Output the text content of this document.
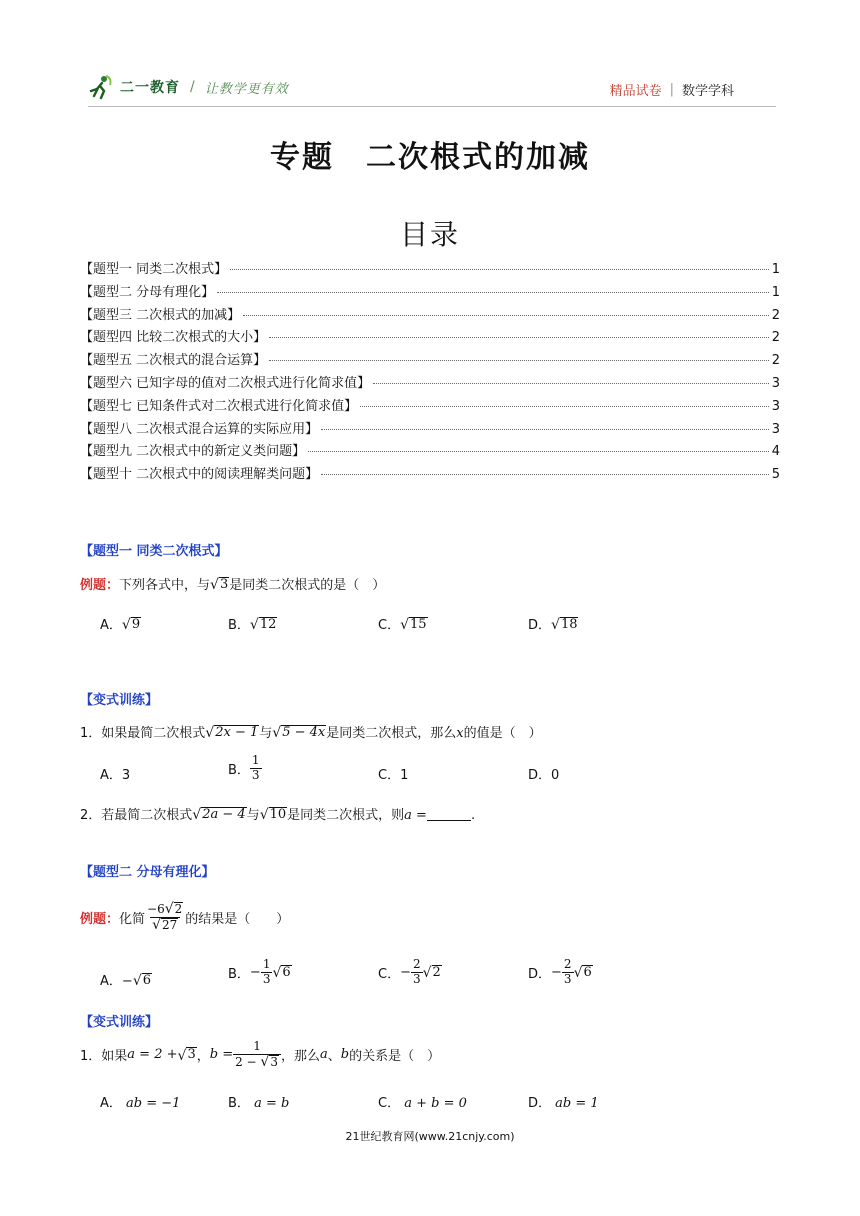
二一教育 / 让教学更有效	精品试卷 | 数学学科
专题　二次根式的加减
目录
【题型一 同类二次根式】	1
【题型二 分母有理化】	1
【题型三 二次根式的加减】	2
【题型四 比较二次根式的大小】	2
【题型五 二次根式的混合运算】	2
【题型六 已知字母的值对二次根式进行化简求值】	3
【题型七 已知条件式对二次根式进行化简求值】	3
【题型八 二次根式混合运算的实际应用】	3
【题型九 二次根式中的新定义类问题】	4
【题型十 二次根式中的阅读理解类问题】	5
【题型一 同类二次根式】
例题：下列各式中，与 √ 3 是同类二次根式的是（　）
A． √ 9	B． √ 12	C． √ 15	D． √ 18
【变式训练】
1．如果最简二次根式 √ 2x − 1 与 √ 5 − 4x 是同类二次根式，那么x的值是（　）
A．3	B． $\frac{1}{3}$	C．1	D．0
2．若最简二次根式 √ 2a − 4 与 √ 10 是同类二次根式，则a =	.
【题型二 分母有理化】
例题： 化简 $\frac{-6 √ 2}{√ 27}$ 的结果是（　　）
A．− √ 6	B． − $\frac{1}{3}$ √ 6	C． − $\frac{2}{3}$ √ 2	D． − $\frac{2}{3}$ √ 6
【变式训练】
1． 如果 a = 2 + √ 3 ， $b = \frac{1}{2 - √ 3}$ ，那么 a 、 b 的关系是（　）
A． ab = −1	B． a = b	C． a + b = 0	D． ab = 1
21世纪教育网(www.21cnjy.com)
